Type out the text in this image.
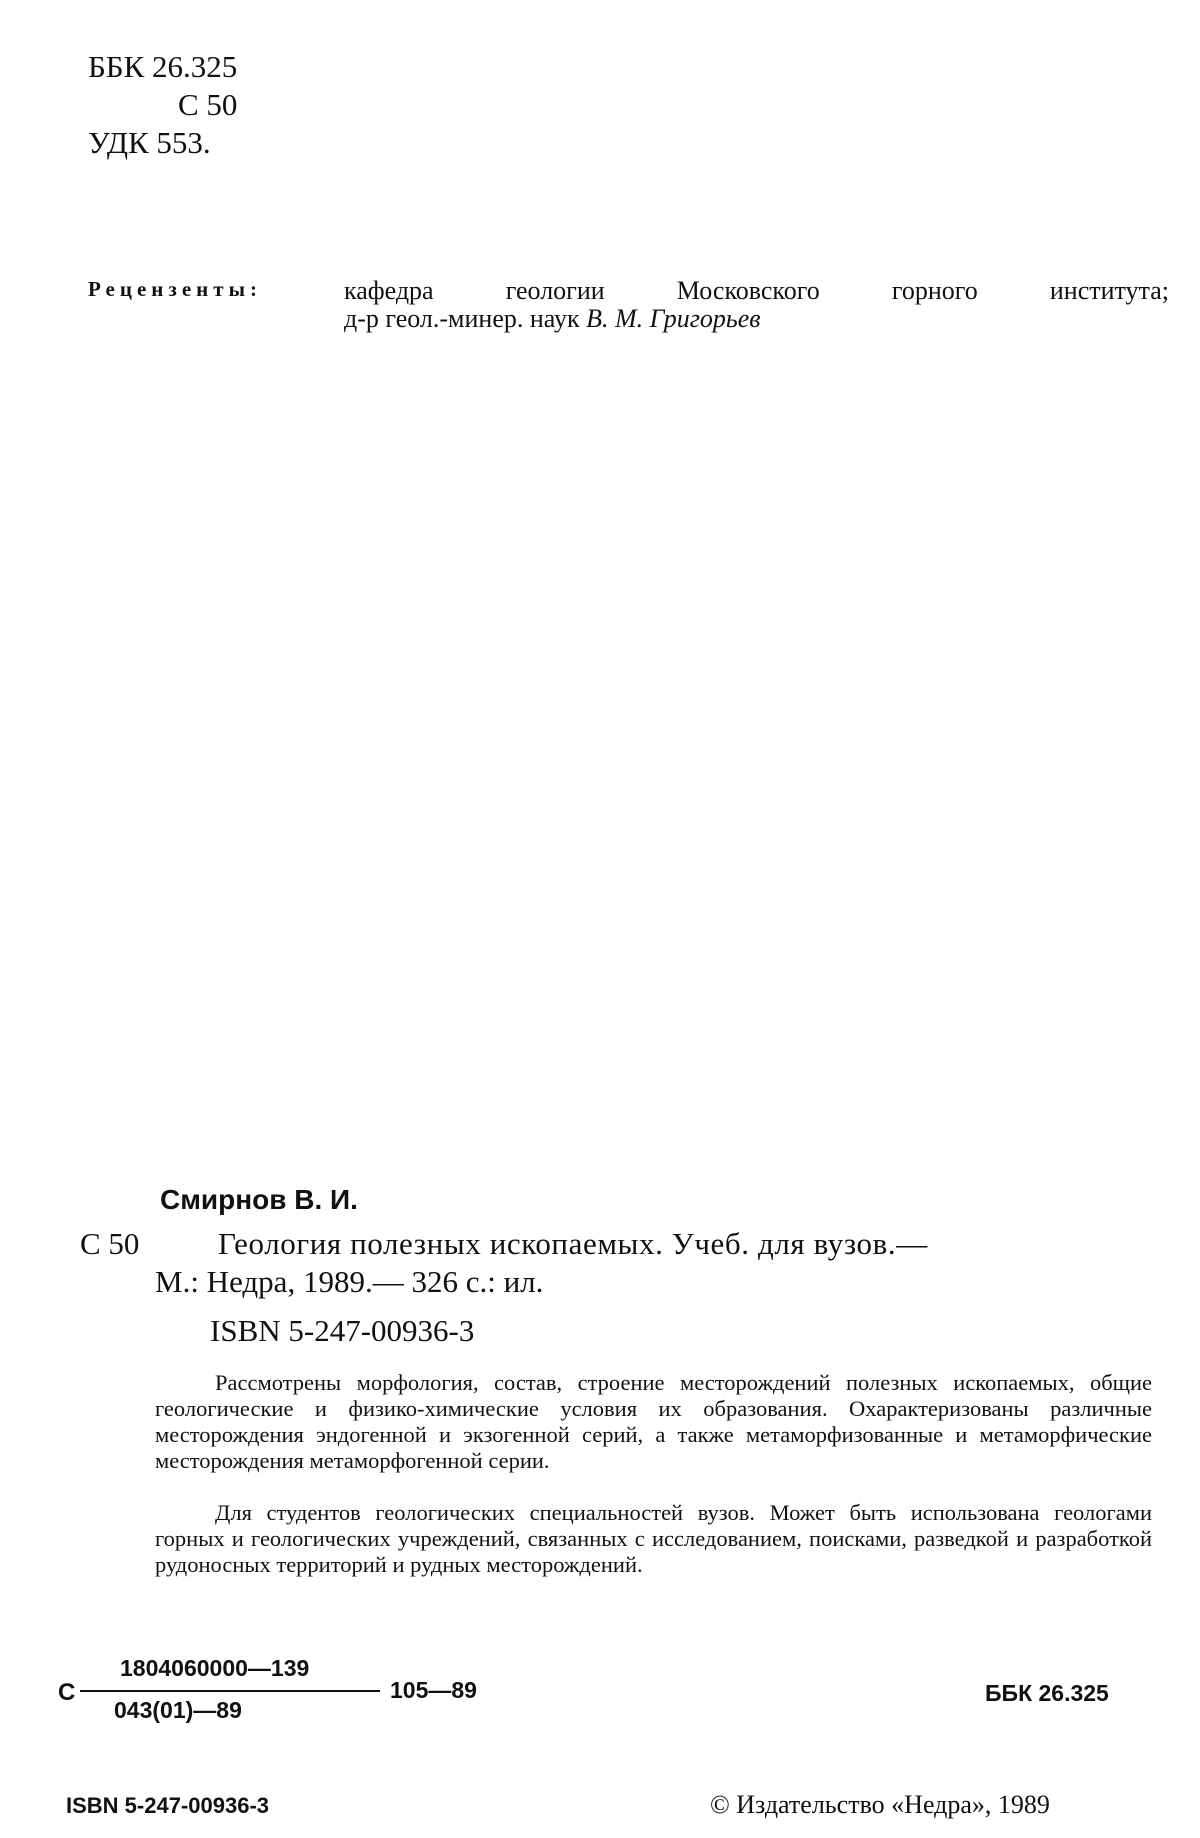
ББК 26.325
С 50
УДК 553.
Рецензенты:	кафедра	геологии	Московского	горного	института;
д-р геол.-минер. наук В. М. Григорьев
Смирнов В. И.
С 50	Геология полезных ископаемых. Учеб. для вузов.—
М.: Недра, 1989.— 326 с.: ил.
ISBN 5-247-00936-3
Рассмотрены морфология, состав, строение месторождений полезных ископаемых, общие геологические и физико-химические условия их образования. Охарактеризованы различные месторождения эндогенной и экзогенной серий, а также метаморфизованные и метаморфические месторождения метаморфогенной серии.
Для студентов геологических специальностей вузов. Может быть использована геологами горных и геологических учреждений, связанных с исследованием, поисками, разведкой и разработкой рудоносных территорий и рудных месторождений.
С
1804060000—139
043(01)—89
105—89	ББК 26.325
ISBN 5-247-00936-3	© Издательство «Недра», 1989
